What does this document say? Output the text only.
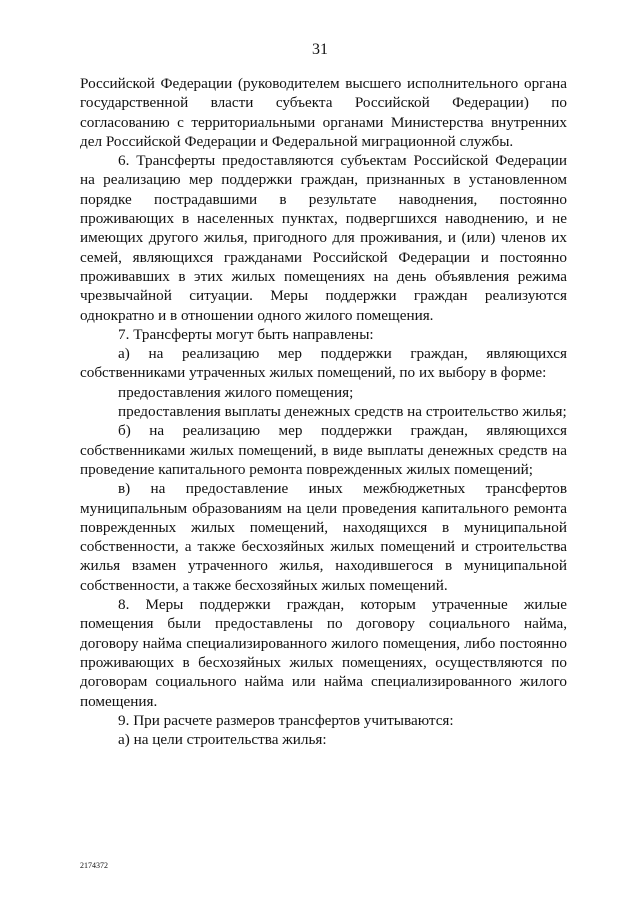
31

Российской Федерации (руководителем высшего исполнительного органа государственной власти субъекта Российской Федерации) по согласованию с территориальными органами Министерства внутренних дел Российской Федерации и Федеральной миграционной службы.

6. Трансферты предоставляются субъектам Российской Федерации на реализацию мер поддержки граждан, признанных в установленном порядке пострадавшими в результате наводнения, постоянно проживающих в населенных пунктах, подвергшихся наводнению, и не имеющих другого жилья, пригодного для проживания, и (или) членов их семей, являющихся гражданами Российской Федерации и постоянно проживавших в этих жилых помещениях на день объявления режима чрезвычайной ситуации. Меры поддержки граждан реализуются однократно и в отношении одного жилого помещения.

7. Трансферты могут быть направлены:

а) на реализацию мер поддержки граждан, являющихся собственниками утраченных жилых помещений, по их выбору в форме:

предоставления жилого помещения;

предоставления выплаты денежных средств на строительство жилья;

б) на реализацию мер поддержки граждан, являющихся собственниками жилых помещений, в виде выплаты денежных средств на проведение капитального ремонта поврежденных жилых помещений;

в) на предоставление иных межбюджетных трансфертов муниципальным образованиям на цели проведения капитального ремонта поврежденных жилых помещений, находящихся в муниципальной собственности, а также бесхозяйных жилых помещений и строительства жилья взамен утраченного жилья, находившегося в муниципальной собственности, а также бесхозяйных жилых помещений.

8. Меры поддержки граждан, которым утраченные жилые помещения были предоставлены по договору социального найма, договору найма специализированного жилого помещения, либо постоянно проживающих в бесхозяйных жилых помещениях, осуществляются по договорам социального найма или найма специализированного жилого помещения.

9. При расчете размеров трансфертов учитываются:

а) на цели строительства жилья:

2174372
